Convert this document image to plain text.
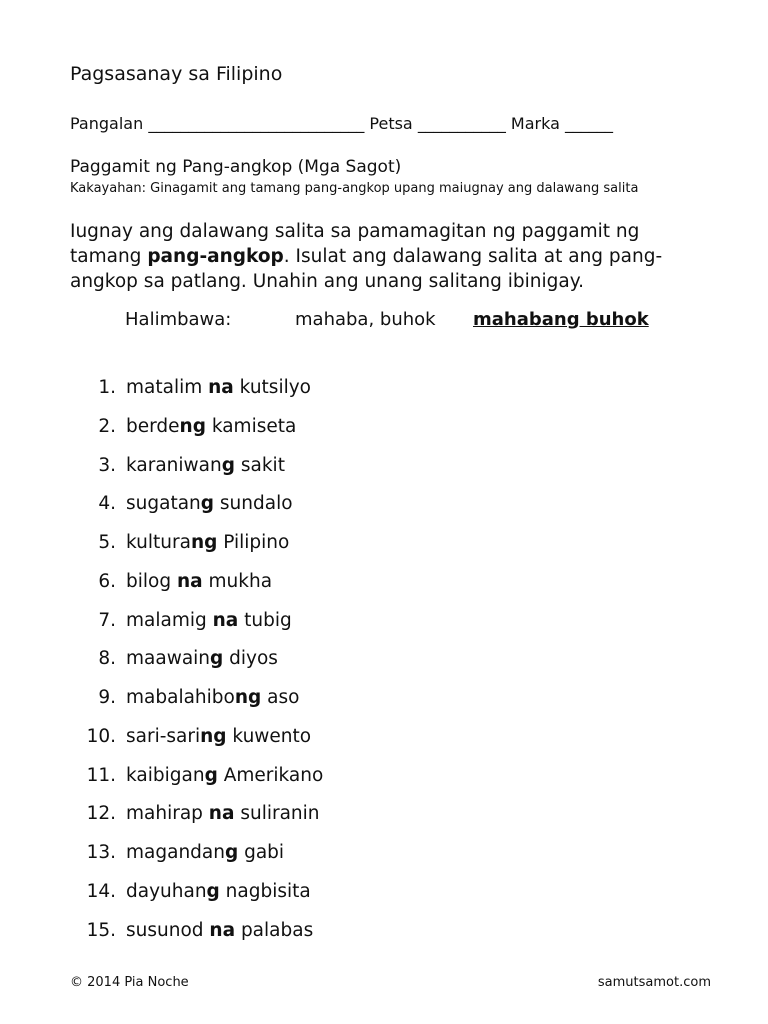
Pagsasanay sa Filipino
Pangalan ___________________________ Petsa ___________ Marka ______
Paggamit ng Pang-angkop (Mga Sagot)
Kakayahan: Ginagamit ang tamang pang-angkop upang maiugnay ang dalawang salita
Iugnay ang dalawang salita sa pamamagitan ng paggamit ng tamang pang-angkop. Isulat ang dalawang salita at ang pang-angkop sa patlang. Unahin ang unang salitang ibinigay.
Halimbawa:	mahaba, buhok mahabang buhok
1. matalim na kutsilyo
2. berdeng kamiseta
3. karaniwang sakit
4. sugatang sundalo
5. kulturang Pilipino
6. bilog na mukha
7. malamig na tubig
8. maawaing diyos
9. mabalahibong aso
10. sari-saring kuwento
11. kaibigang Amerikano
12. mahirap na suliranin
13. magandang gabi
14. dayuhang nagbisita
15. susunod na palabas
© 2014 Pia Noche	samutsamot.com
